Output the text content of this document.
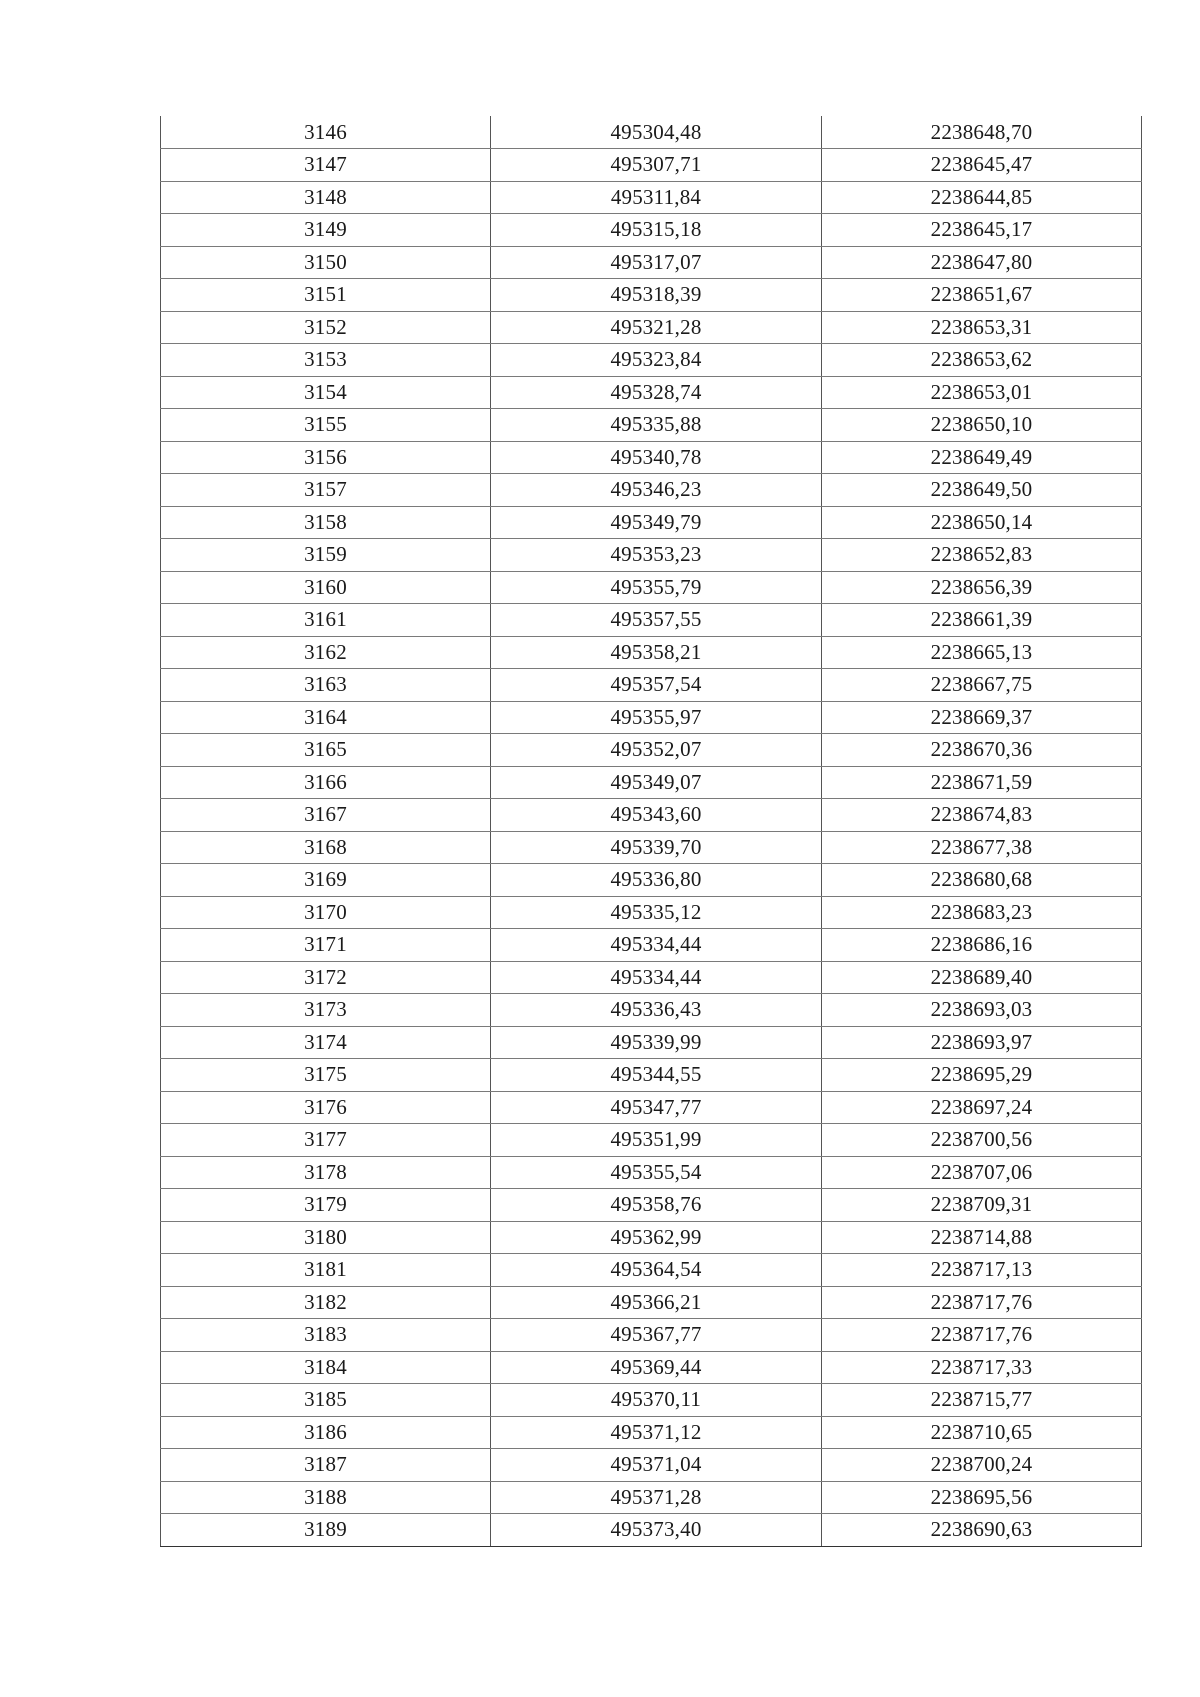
3146	495304,48	2238648,70
3147	495307,71	2238645,47
3148	495311,84	2238644,85
3149	495315,18	2238645,17
3150	495317,07	2238647,80
3151	495318,39	2238651,67
3152	495321,28	2238653,31
3153	495323,84	2238653,62
3154	495328,74	2238653,01
3155	495335,88	2238650,10
3156	495340,78	2238649,49
3157	495346,23	2238649,50
3158	495349,79	2238650,14
3159	495353,23	2238652,83
3160	495355,79	2238656,39
3161	495357,55	2238661,39
3162	495358,21	2238665,13
3163	495357,54	2238667,75
3164	495355,97	2238669,37
3165	495352,07	2238670,36
3166	495349,07	2238671,59
3167	495343,60	2238674,83
3168	495339,70	2238677,38
3169	495336,80	2238680,68
3170	495335,12	2238683,23
3171	495334,44	2238686,16
3172	495334,44	2238689,40
3173	495336,43	2238693,03
3174	495339,99	2238693,97
3175	495344,55	2238695,29
3176	495347,77	2238697,24
3177	495351,99	2238700,56
3178	495355,54	2238707,06
3179	495358,76	2238709,31
3180	495362,99	2238714,88
3181	495364,54	2238717,13
3182	495366,21	2238717,76
3183	495367,77	2238717,76
3184	495369,44	2238717,33
3185	495370,11	2238715,77
3186	495371,12	2238710,65
3187	495371,04	2238700,24
3188	495371,28	2238695,56
3189	495373,40	2238690,63
